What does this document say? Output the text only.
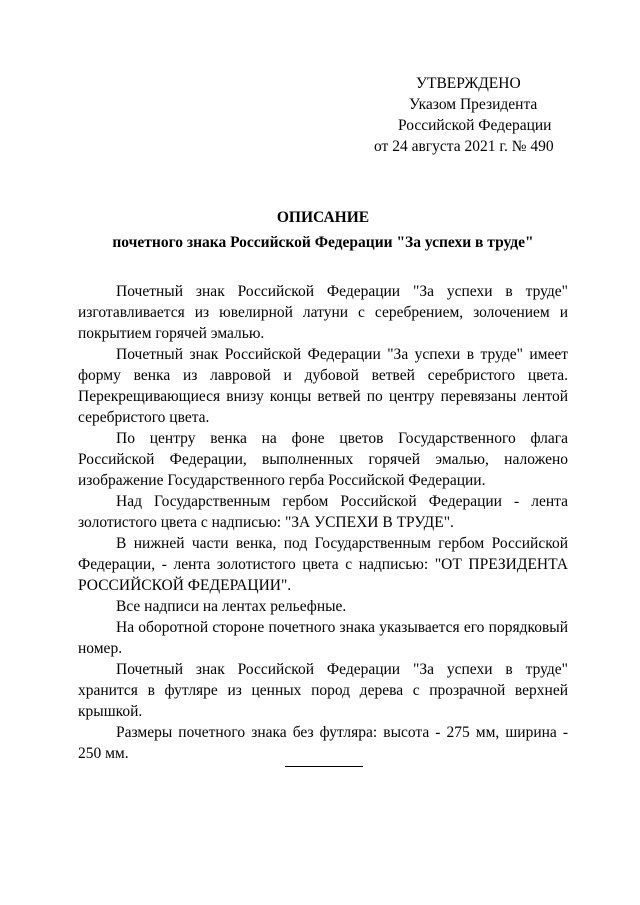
УТВЕРЖДЕНО
Указом Президента
Российской Федерации
от 24 августа 2021 г. № 490
ОПИСАНИЕ
почетного знака Российской Федерации "За успехи в труде"

Почетный знак Российской Федерации "За успехи в труде" изготавливается из ювелирной латуни с серебрением, золочением и покрытием горячей эмалью.

Почетный знак Российской Федерации "За успехи в труде" имеет форму венка из лавровой и дубовой ветвей серебристого цвета. Перекрещивающиеся внизу концы ветвей по центру перевязаны лентой серебристого цвета.

По центру венка на фоне цветов Государственного флага Российской Федерации, выполненных горячей эмалью, наложено изображение Государственного герба Российской Федерации.

Над Государственным гербом Российской Федерации - лента золотистого цвета с надписью: "ЗА УСПЕХИ В ТРУДЕ".

В нижней части венка, под Государственным гербом Российской Федерации, - лента золотистого цвета с надписью: "ОТ ПРЕЗИДЕНТА РОССИЙСКОЙ ФЕДЕРАЦИИ".

Все надписи на лентах рельефные.

На оборотной стороне почетного знака указывается его порядковый номер.

Почетный знак Российской Федерации "За успехи в труде" хранится в футляре из ценных пород дерева с прозрачной верхней крышкой.

Размеры почетного знака без футляра: высота - 275 мм, ширина - 250 мм.
